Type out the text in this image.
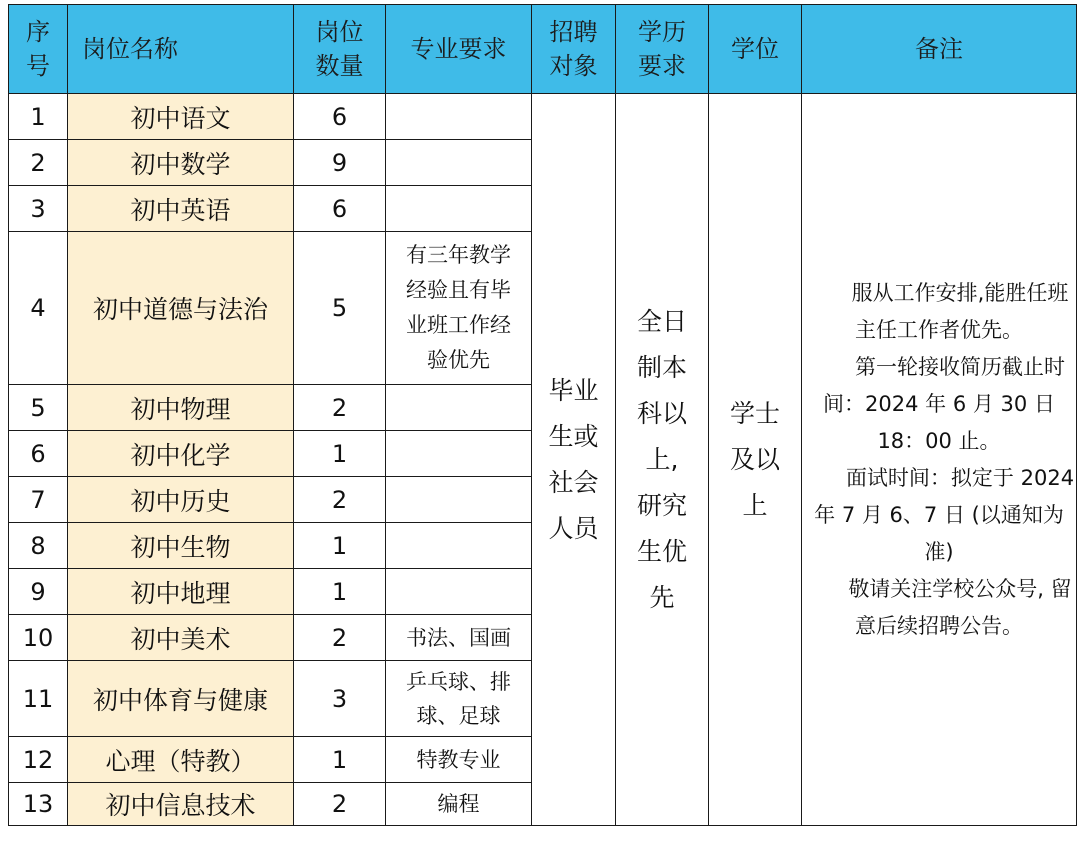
序号	岗位名称	岗位数量	专业要求	招聘对象	学历要求	学位	备注
1	初中语文	6		毕业生或社会人员	全日制本科以上,研究生优先	学士及以上	服从工作安排,能胜任班主任工作者优先。

第一轮接收简历截止时间：2024 年 6 月 30 日 18：00 止。

面试时间：拟定于 2024 年 7 月 6、7 日 (以通知为准)

敬请关注学校公众号, 留意后续招聘公告。

2	初中数学	9					
3	初中英语	6					
4	初中道德与法治	5	有三年教学经验且有毕业班工作经验优先				
5	初中物理	2					
6	初中化学	1					
7	初中历史	2					
8	初中生物	1					
9	初中地理	1					
10	初中美术	2	书法、国画				
11	初中体育与健康	3	乒乓球、排球、足球				
12	心理（特教）	1	特教专业				
13	初中信息技术	2	编程				
